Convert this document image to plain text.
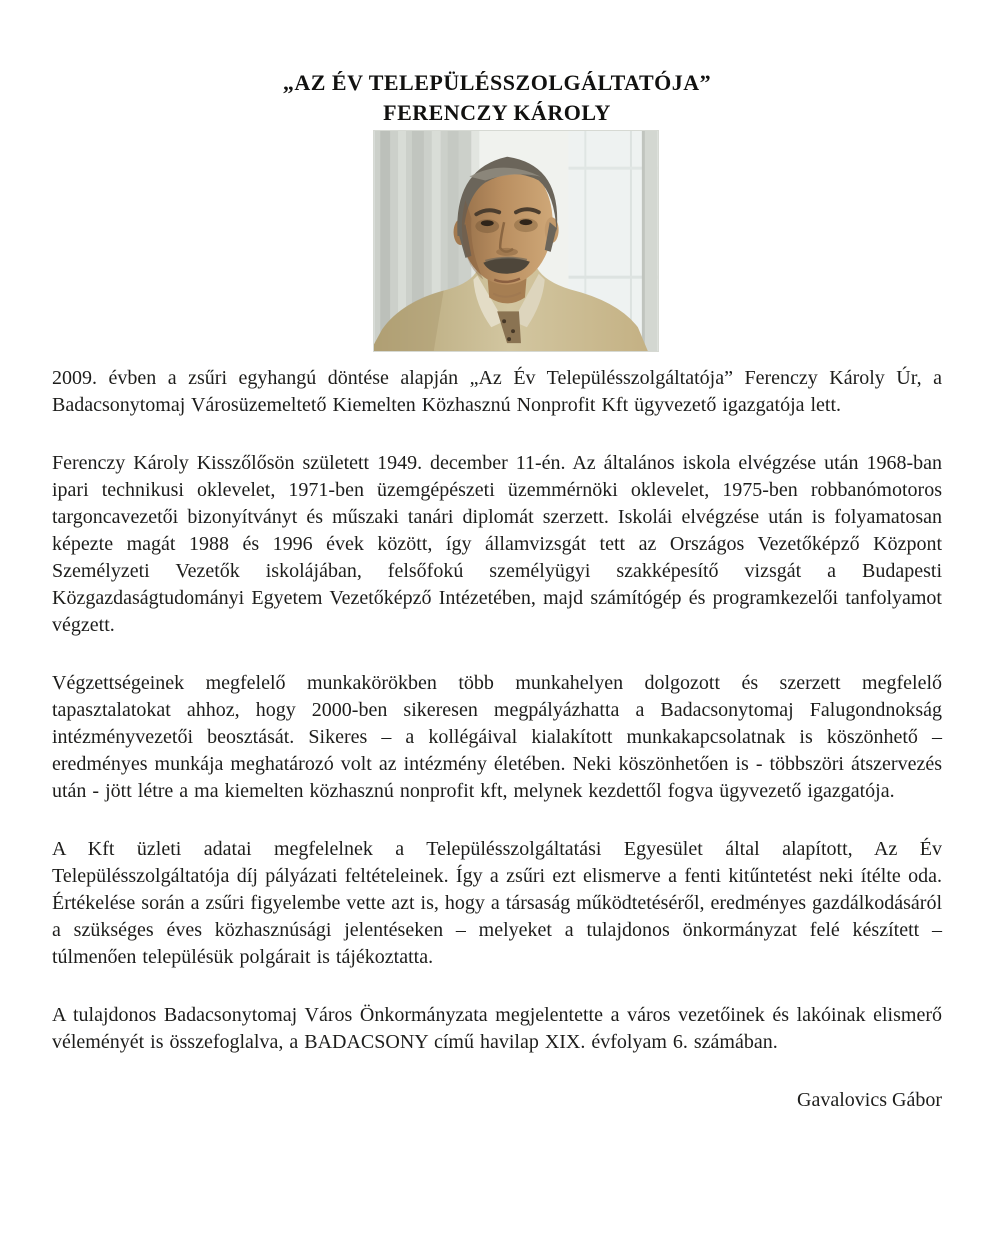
„AZ ÉV TELEPÜLÉSSZOLGÁLTATÓJA”
FERENCZY KÁROLY

2009. évben a zsűri egyhangú döntése alapján „Az Év Településszolgáltatója” Ferenczy Károly Úr, a Badacsonytomaj Városüzemeltető Kiemelten Közhasznú Nonprofit Kft ügyvezető igazgatója lett.

Ferenczy Károly Kisszőlősön született 1949. december 11-én. Az általános iskola elvégzése után 1968-ban ipari technikusi oklevelet, 1971-ben üzemgépészeti üzemmérnöki oklevelet, 1975-ben robbanómotoros targoncavezetői bizonyítványt és műszaki tanári diplomát szerzett. Iskolái elvégzése után is folyamatosan képezte magát 1988 és 1996 évek között, így államvizsgát tett az Országos Vezetőképző Központ Személyzeti Vezetők iskolájában, felsőfokú személyügyi szakképesítő vizsgát a Budapesti Közgazdaságtudományi Egyetem Vezetőképző Intézetében, majd számítógép és programkezelői tanfolyamot végzett.

Végzettségeinek megfelelő munkakörökben több munkahelyen dolgozott és szerzett megfelelő tapasztalatokat ahhoz, hogy 2000-ben sikeresen megpályázhatta a Badacsonytomaj Falugondnokság intézményvezetői beosztását. Sikeres – a kollégáival kialakított munkakapcsolatnak is köszönhető – eredményes munkája meghatározó volt az intézmény életében. Neki köszönhetően is - többszöri átszervezés után - jött létre a ma kiemelten közhasznú nonprofit kft, melynek kezdettől fogva ügyvezető igazgatója.

A Kft üzleti adatai megfelelnek a Településszolgáltatási Egyesület által alapított, Az Év Településszolgáltatója díj pályázati feltételeinek. Így a zsűri ezt elismerve a fenti kitűntetést neki ítélte oda. Értékelése során a zsűri figyelembe vette azt is, hogy a társaság működtetéséről, eredményes gazdálkodásáról a szükséges éves közhasznúsági jelentéseken – melyeket a tulajdonos önkormányzat felé készített – túlmenően településük polgárait is tájékoztatta.

A tulajdonos Badacsonytomaj Város Önkormányzata megjelentette a város vezetőinek és lakóinak elismerő véleményét is összefoglalva, a BADACSONY című havilap XIX. évfolyam 6. számában.

Gavalovics Gábor
